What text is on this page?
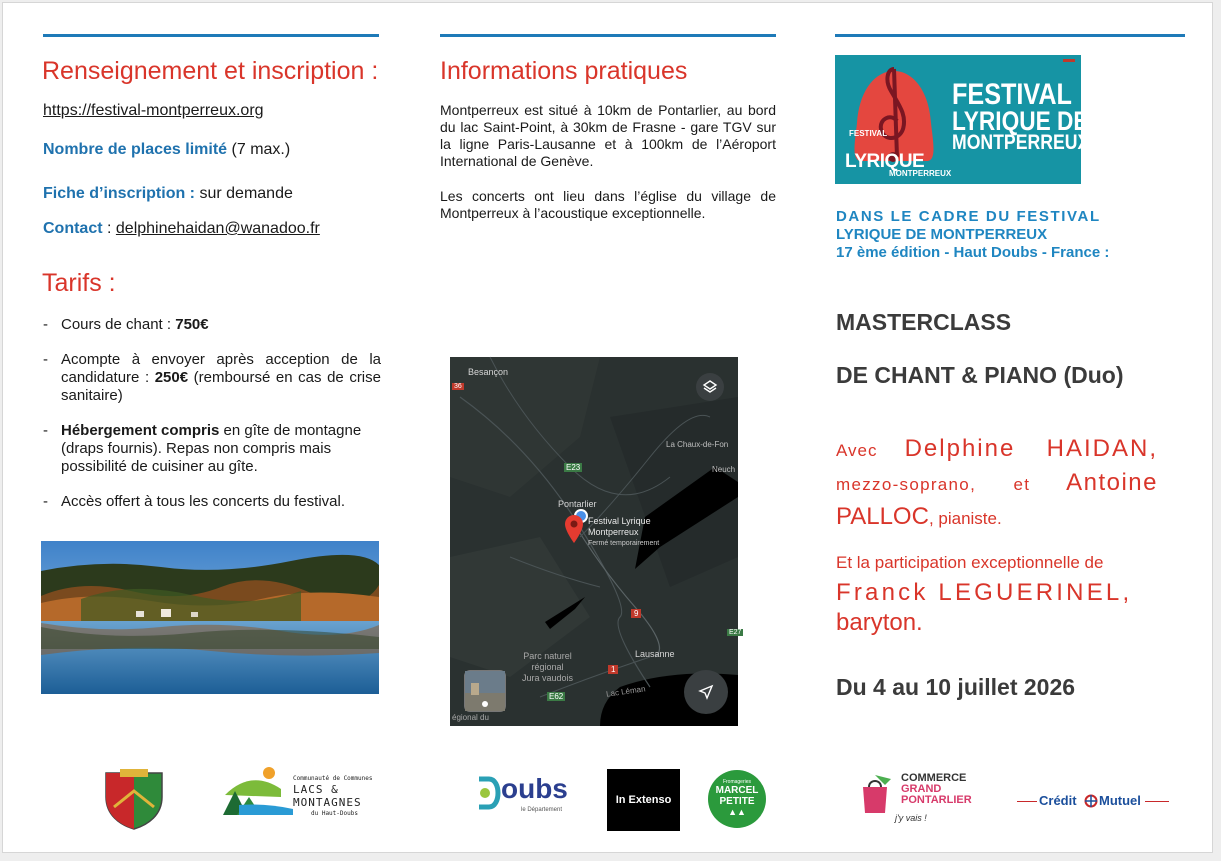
Renseignement et inscription :
https://festival-montperreux.org
Nombre de places limité (7 max.)
Fiche d’inscription : sur demande
Contact : delphinehaidan@wanadoo.fr
Tarifs :
- Cours de chant : 750€
- Acompte à envoyer après acception de la candidature : 250€ (remboursé en cas de crise sanitaire)
- Hébergement compris en gîte de montagne (draps fournis). Repas non compris mais possibilité de cuisiner au gîte.
- Accès offert à tous les concerts du festival.
Informations pratiques

Montperreux est situé à 10km de Pontarlier, au bord du lac Saint-Point, à 30km de Frasne - gare TGV sur la ligne Paris-Lausanne et à 100km de l’Aéroport International de Genève.

Les concerts ont lieu dans l’église du village de Montperreux à l’acoustique exceptionnelle.

E23
E62
9
1
36
E27
Besançon
La Chaux-de-Fon
Neuch
Pontarlier
Festival Lyrique
Montperreux
Fermé temporairement
Lausanne
Parc naturel
régional
Jura vaudois
Lac Léman
égional du
FESTIVAL
LYRIQUE
MONTPERREUX
FESTIVAL
LYRIQUE DE
MONTPERREUX
DANS LE CADRE DU FESTIVAL
LYRIQUE DE MONTPERREUX
17 ème édition - Haut Doubs - France :
MASTERCLASS
DE CHANT & PIANO (Duo)
Avec Delphine HAIDAN,
mezzo-soprano, et Antoine
PALLOC, pianiste.
Et la participation exceptionnelle de
Franck LEGUERINEL,
baryton.
Du 4 au 10 juillet 2026
Communauté de Communes
LACS &
MONTAGNES
du Haut-Doubs
oubs
le Département
In Extenso
Fromageries
MARCEL
PETITE
▲▲
COMMERCE
GRAND
PONTARLIER
j'y vais !
Crédit Mutuel
